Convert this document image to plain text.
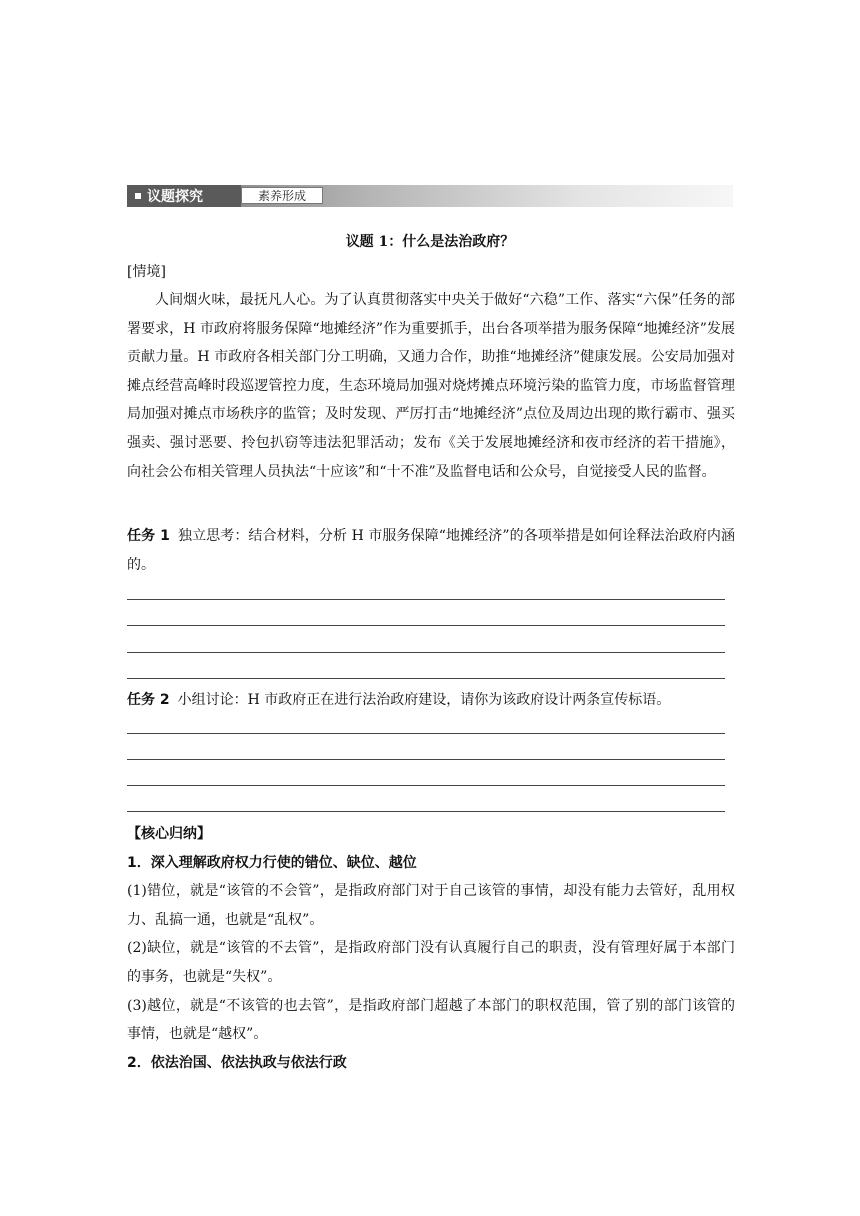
议题探究	素养形成
议题 1：什么是法治政府？
[情境]
人间烟火味，最抚凡人心。为了认真贯彻落实中央关于做好“六稳”工作、落实“六保”任务的部署要求，H 市政府将服务保障“地摊经济”作为重要抓手，出台各项举措为服务保障“地摊经济”发展贡献力量。H 市政府各相关部门分工明确，又通力合作，助推“地摊经济”健康发展。公安局加强对摊点经营高峰时段巡逻管控力度，生态环境局加强对烧烤摊点环境污染的监管力度，市场监督管理局加强对摊点市场秩序的监管；及时发现、严厉打击“地摊经济”点位及周边出现的欺行霸市、强买强卖、强讨恶要、拎包扒窃等违法犯罪活动；发布《关于发展地摊经济和夜市经济的若干措施》，向社会公布相关管理人员执法“十应该”和“十不准”及监督电话和公众号，自觉接受人民的监督。
任务 1 独立思考：结合材料，分析 H 市服务保障“地摊经济”的各项举措是如何诠释法治政府内涵的。
任务 2 小组讨论：H 市政府正在进行法治政府建设，请你为该政府设计两条宣传标语。
【核心归纳】
1．深入理解政府权力行使的错位、缺位、越位
(1)错位，就是“该管的不会管”，是指政府部门对于自己该管的事情，却没有能力去管好，乱用权力、乱搞一通，也就是“乱权”。
(2)缺位，就是“该管的不去管”，是指政府部门没有认真履行自己的职责，没有管理好属于本部门的事务，也就是“失权”。
(3)越位，就是“不该管的也去管”，是指政府部门超越了本部门的职权范围，管了别的部门该管的事情，也就是“越权”。
2．依法治国、依法执政与依法行政
